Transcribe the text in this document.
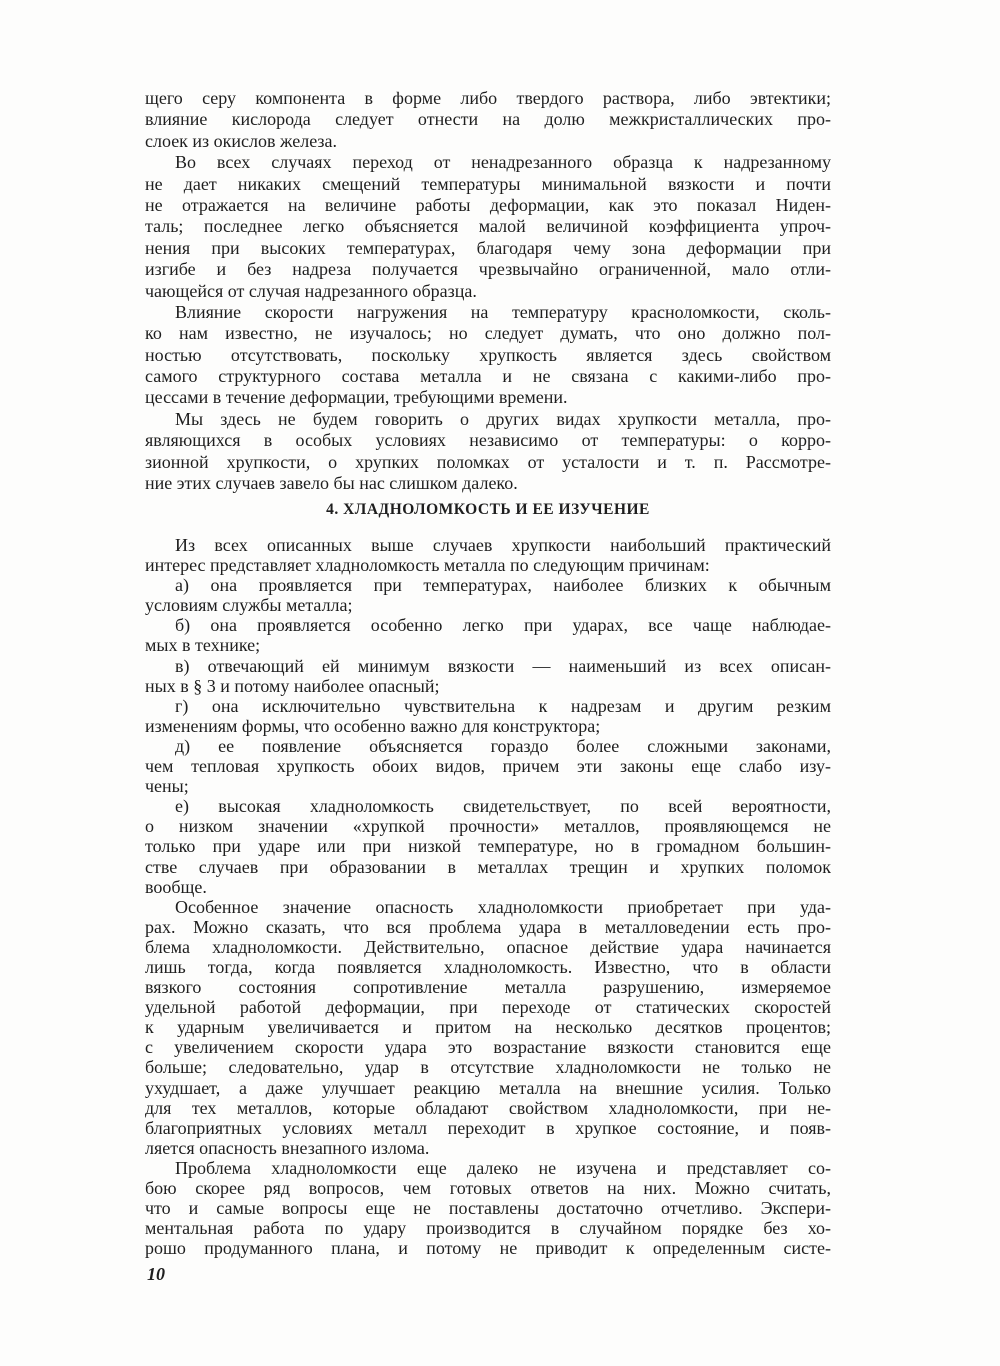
щего серу компонента в форме либо твердого раствора, либо эвтектики;
влияние кислорода следует отнести на долю межкристаллических про-
слоек из окислов железа.
Во всех случаях переход от ненадрезанного образца к надрезанному
не дает никаких смещений температуры минимальной вязкости и почти
не отражается на величине работы деформации, как это показал Ниден-
таль; последнее легко объясняется малой величиной коэффициента упроч-
нения при высоких температурах, благодаря чему зона деформации при
изгибе и без надреза получается чрезвычайно ограниченной, мало отли-
чающейся от случая надрезанного образца.
Влияние скорости нагружения на температуру красноломкости, сколь-
ко нам известно, не изучалось; но следует думать, что оно должно пол-
ностью отсутствовать, поскольку хрупкость является здесь свойством
самого структурного состава металла и не связана с какими-либо про-
цессами в течение деформации, требующими времени.
Мы здесь не будем говорить о других видах хрупкости металла, про-
являющихся в особых условиях независимо от температуры: о коррo-
зионной хрупкости, о хрупких поломках от усталости и т. п. Рассмотре-
ние этих случаев завело бы нас слишком далеко.
4. ХЛАДНОЛОМКОСТЬ И ЕЕ ИЗУЧЕНИЕ
Из всех описанных выше случаев хрупкости наибольший практический
интерес представляет хладноломкость металла по следующим причинам:
а) она проявляется при температурах, наиболее близких к обычным
условиям службы металла;
б) она проявляется особенно легко при ударах, все чаще наблюдае-
мых в технике;
в) отвечающий ей минимум вязкости — наименьший из всех описан-
ных в § 3 и потому наиболее опасный;
г) она исключительно чувствительна к надрезам и другим резким
изменениям формы, что особенно важно для конструктора;
д) ее появление объясняется гораздо более сложными законами,
чем тепловая хрупкость обоих видов, причем эти законы еще слабо изу-
чены;
е) высокая хладноломкость свидетельствует, по всей вероятности,
о низком значении «хрупкой прочности» металлов, проявляющемся не
только при ударе или при низкой температуре, но в громадном большин-
стве случаев при образовании в металлах трещин и хрупких поломок
вообще.
Особенное значение опасность хладноломкости приобретает при уда-
рах. Можно сказать, что вся проблема удара в металловедении есть про-
блема хладноломкости. Действительно, опасное действие удара начинается
лишь тогда, когда появляется хладноломкость. Известно, что в области
вязкого состояния сопротивление металла разрушению, измеряемое
удельной работой деформации, при переходе от статических скоростей
к ударным увеличивается и притом на несколько десятков процентов;
с увеличением скорости удара это возрастание вязкости становится еще
больше; следовательно, удар в отсутствие хладноломкости не только не
ухудшает, а даже улучшает реакцию металла на внешние усилия. Только
для тех металлов, которые обладают свойством хладноломкости, при не-
благоприятных условиях металл переходит в хрупкое состояние, и появ-
ляется опасность внезапного излома.
Проблема хладноломкости еще далеко не изучена и представляет со-
бою скорее ряд вопросов, чем готовых ответов на них. Можно считать,
что и самые вопросы еще не поставлены достаточно отчетливо. Экспери-
ментальная работа по удару производится в случайном порядке без хо-
рошо продуманного плана, и потому не приводит к определенным систе-
10
